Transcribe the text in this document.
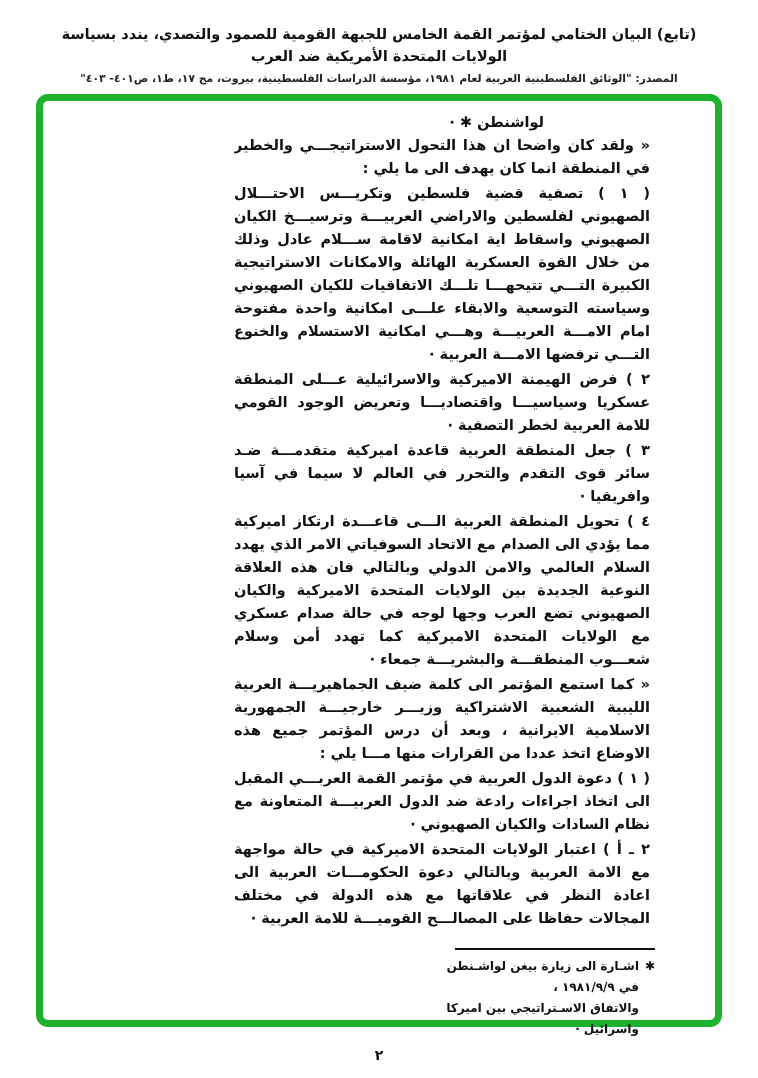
(تابع) البيان الختامي لمؤتمر القمة الخامس للجبهة القومية للصمود والتصدي، يندد بسياسة الولايات المتحدة الأمريكية ضد العرب
المصدر: "الوثائق الفلسطينية العربية لعام ١٩٨١، مؤسسة الدراسات الفلسطينية، بيروت، مج ١٧، ط١، ص٤٠١- ٤٠٣"
لواشنطن ✱ ·

« ولقد كان واضحا ان هذا التحول الاستراتيجـــي والخطير في المنطقة انما كان يهدف الى ما يلي :

( ١ ) تصفية قضية فلسطين وتكريـــس الاحتـــلال الصهيوني لفلسطين والاراضي العربيـــة وترسيـــخ الكيان الصهيوني واسقاط اية امكانية لاقامة ســـلام عادل وذلك من خلال القوة العسكرية الهائلة والامكانات الاستراتيجية الكبيرة التـــي تتيحهـــا تلـــك الاتفاقيات للكيان الصهيوني وسياسته التوسعية والابقاء علـــى امكانية واحدة مفتوحة امام الامـــة العربيـــة وهـــي امكانية الاستسلام والخنوع التـــي ترفضها الامـــة العربية ·

٢ ) فرض الهيمنة الاميركية والاسرائيلية عـــلى المنطقة عسكريا وسياسيـــا واقتصاديـــا وتعريض الوجود القومي للامة العربية لخطر التصفية ·

٣ ) جعل المنطقة العربية قاعدة اميركية متقدمـــة ضـد سائر قوى التقدم والتحرر في العالم لا سيما في آسيا وافريقيا ·

٤ ) تحويل المنطقة العربية الـــى قاعـــدة ارتكاز اميركية مما يؤدي الى الصدام مع الاتحاد السوفياتي الامر الذي يهدد السلام العالمي والامن الدولي وبالتالي فان هذه العلاقة النوعية الجديدة بين الولايات المتحدة الاميركية والكيان الصهيوني تضع العرب وجها لوجه في حالة صدام عسكري مع الولايات المتحدة الاميركية كما تهدد أمن وسلام شعـــوب المنطقـــة والبشريـــة جمعاء ·

« كما استمع المؤتمر الى كلمة ضيف الجماهيريـــة العربية الليبية الشعبية الاشتراكية وزيـــر خارجيـــة الجمهورية الاسلامية الايرانية ، وبعد أن درس المؤتمر جميع هذه الاوضاع اتخذ عددا من القرارات منها مـــا يلي :

( ١ ) دعوة الدول العربية في مؤتمر القمة العربـــي المقبل الى اتخاذ اجراءات رادعة ضد الدول العربيـــة المتعاونة مع نظام السادات والكيان الصهيوني ·

٢ ـ أ ) اعتبار الولايات المتحدة الاميركية في حالة مواجهة مع الامة العربية وبالتالي دعوة الحكومـــات العربية الى اعادة النظر في علاقاتها مع هذه الدولة في مختلف المجالات حفاظا على المصالـــح القوميـــة للامة العربية ·

✱
اشـارة الى زيارة بيغن لواشـنطن في ١٩٨١/٩/٩ ،
والاتفاق الاسـتراتيجي بين اميركا واسرائيل ·
٢
